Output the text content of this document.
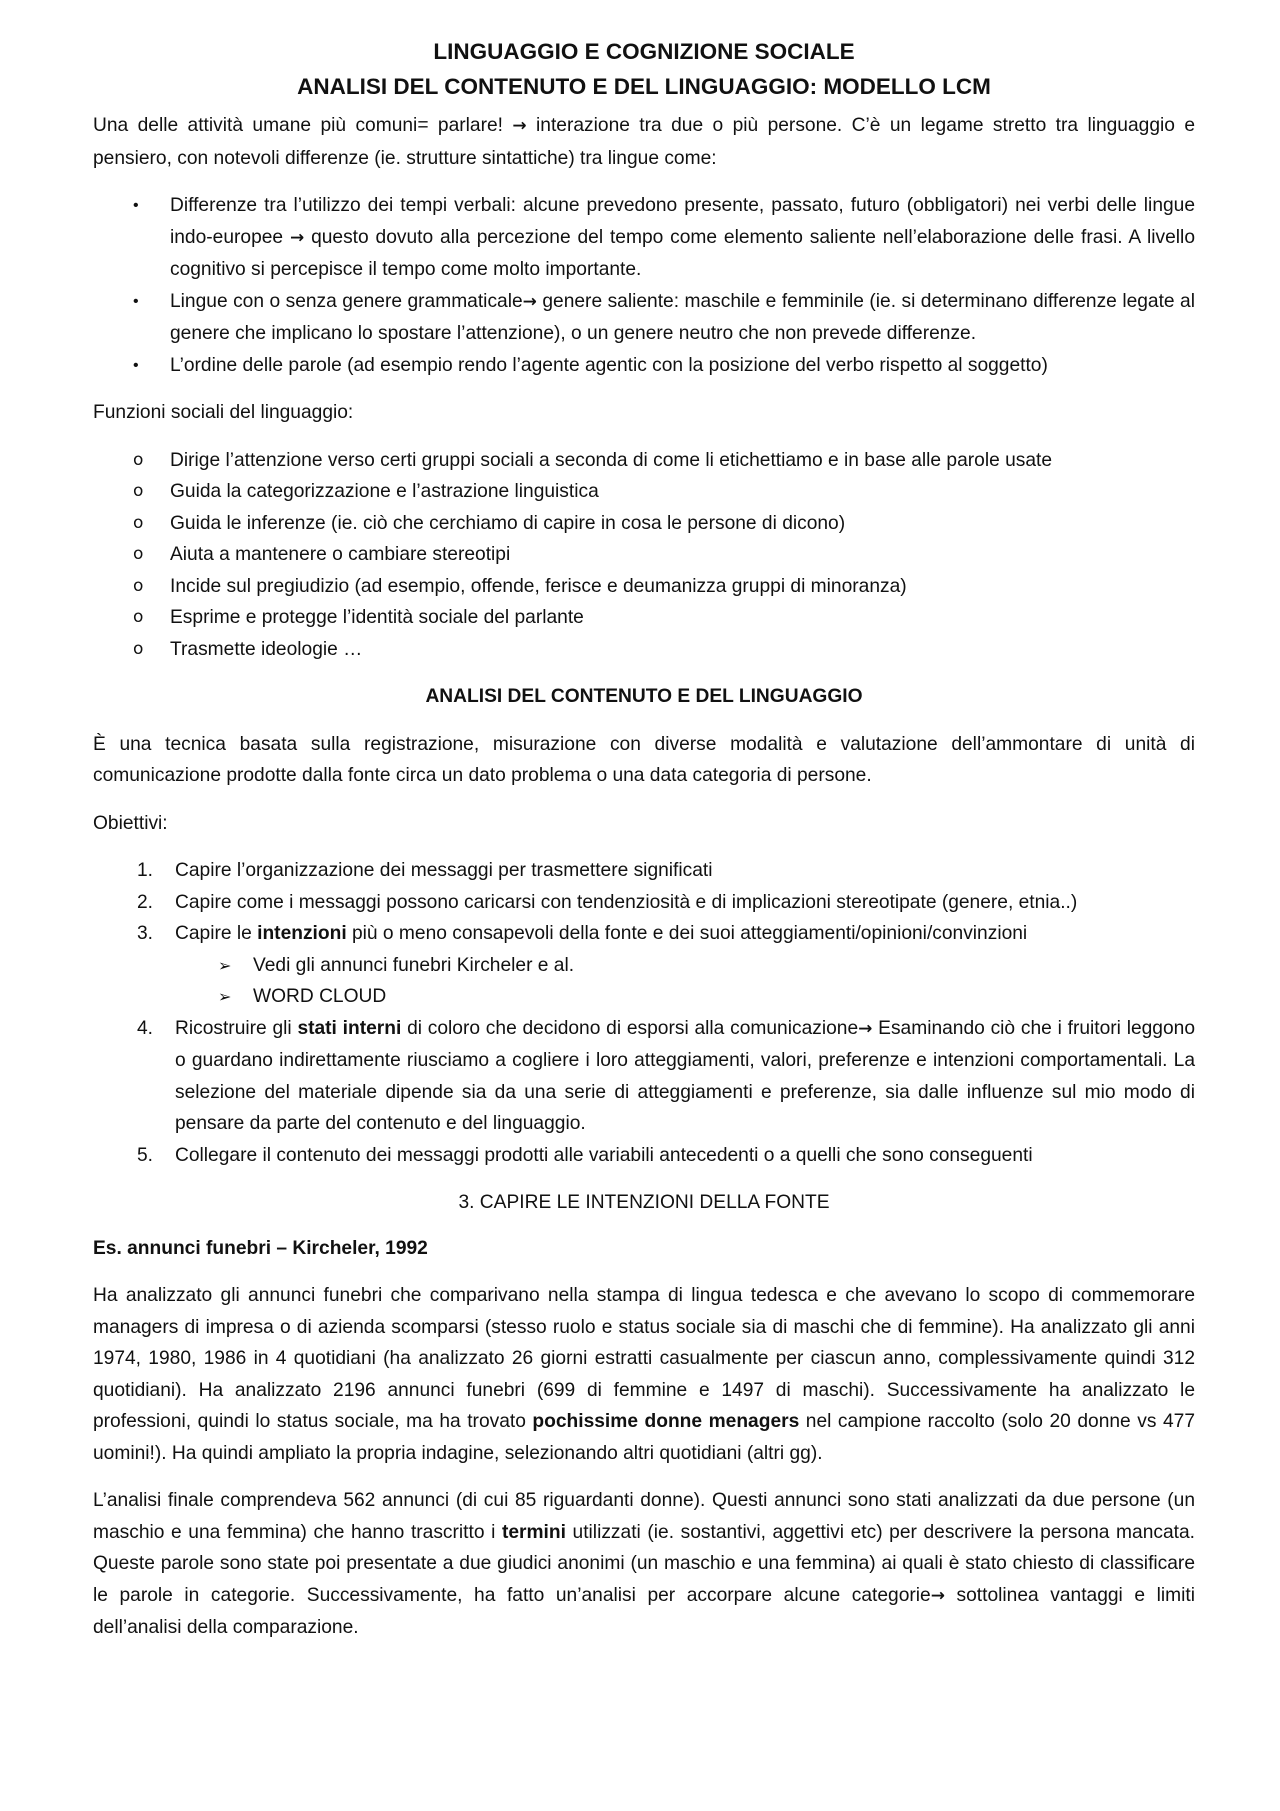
LINGUAGGIO E COGNIZIONE SOCIALE
ANALISI DEL CONTENUTO E DEL LINGUAGGIO: MODELLO LCM

Una delle attività umane più comuni= parlare! → interazione tra due o più persone. C’è un legame stretto tra linguaggio e pensiero, con notevoli differenze (ie. strutture sintattiche) tra lingue come:

• Differenze tra l’utilizzo dei tempi verbali: alcune prevedono presente, passato, futuro (obbligatori) nei verbi delle lingue indo-europee → questo dovuto alla percezione del tempo come elemento saliente nell’elaborazione delle frasi. A livello cognitivo si percepisce il tempo come molto importante.
• Lingue con o senza genere grammaticale→ genere saliente: maschile e femminile (ie. si determinano differenze legate al genere che implicano lo spostare l’attenzione), o un genere neutro che non prevede differenze.
• L’ordine delle parole (ad esempio rendo l’agente agentic con la posizione del verbo rispetto al soggetto)

Funzioni sociali del linguaggio:

o Dirige l’attenzione verso certi gruppi sociali a seconda di come li etichettiamo e in base alle parole usate
o Guida la categorizzazione e l’astrazione linguistica
o Guida le inferenze (ie. ciò che cerchiamo di capire in cosa le persone di dicono)
o Aiuta a mantenere o cambiare stereotipi
o Incide sul pregiudizio (ad esempio, offende, ferisce e deumanizza gruppi di minoranza)
o Esprime e protegge l’identità sociale del parlante
o Trasmette ideologie …
ANALISI DEL CONTENUTO E DEL LINGUAGGIO

È una tecnica basata sulla registrazione, misurazione con diverse modalità e valutazione dell’ammontare di unità di comunicazione prodotte dalla fonte circa un dato problema o una data categoria di persone.

Obiettivi:

1. Capire l’organizzazione dei messaggi per trasmettere significati
2. Capire come i messaggi possono caricarsi con tendenziosità e di implicazioni stereotipate (genere, etnia..)
3. Capire le intenzioni più o meno consapevoli della fonte e dei suoi atteggiamenti/opinioni/convinzioni
➢ Vedi gli annunci funebri Kircheler e al.
➢ WORD CLOUD
4. Ricostruire gli stati interni di coloro che decidono di esporsi alla comunicazione→ Esaminando ciò che i fruitori leggono o guardano indirettamente riusciamo a cogliere i loro atteggiamenti, valori, preferenze e intenzioni comportamentali. La selezione del materiale dipende sia da una serie di atteggiamenti e preferenze, sia dalle influenze sul mio modo di pensare da parte del contenuto e del linguaggio.
5. Collegare il contenuto dei messaggi prodotti alle variabili antecedenti o a quelli che sono conseguenti
3. CAPIRE LE INTENZIONI DELLA FONTE

Es. annunci funebri – Kircheler, 1992

Ha analizzato gli annunci funebri che comparivano nella stampa di lingua tedesca e che avevano lo scopo di commemorare managers di impresa o di azienda scomparsi (stesso ruolo e status sociale sia di maschi che di femmine). Ha analizzato gli anni 1974, 1980, 1986 in 4 quotidiani (ha analizzato 26 giorni estratti casualmente per ciascun anno, complessivamente quindi 312 quotidiani). Ha analizzato 2196 annunci funebri (699 di femmine e 1497 di maschi). Successivamente ha analizzato le professioni, quindi lo status sociale, ma ha trovato pochissime donne menagers nel campione raccolto (solo 20 donne vs 477 uomini!). Ha quindi ampliato la propria indagine, selezionando altri quotidiani (altri gg).

L’analisi finale comprendeva 562 annunci (di cui 85 riguardanti donne). Questi annunci sono stati analizzati da due persone (un maschio e una femmina) che hanno trascritto i termini utilizzati (ie. sostantivi, aggettivi etc) per descrivere la persona mancata. Queste parole sono state poi presentate a due giudici anonimi (un maschio e una femmina) ai quali è stato chiesto di classificare le parole in categorie. Successivamente, ha fatto un’analisi per accorpare alcune categorie→ sottolinea vantaggi e limiti dell’analisi della comparazione.
